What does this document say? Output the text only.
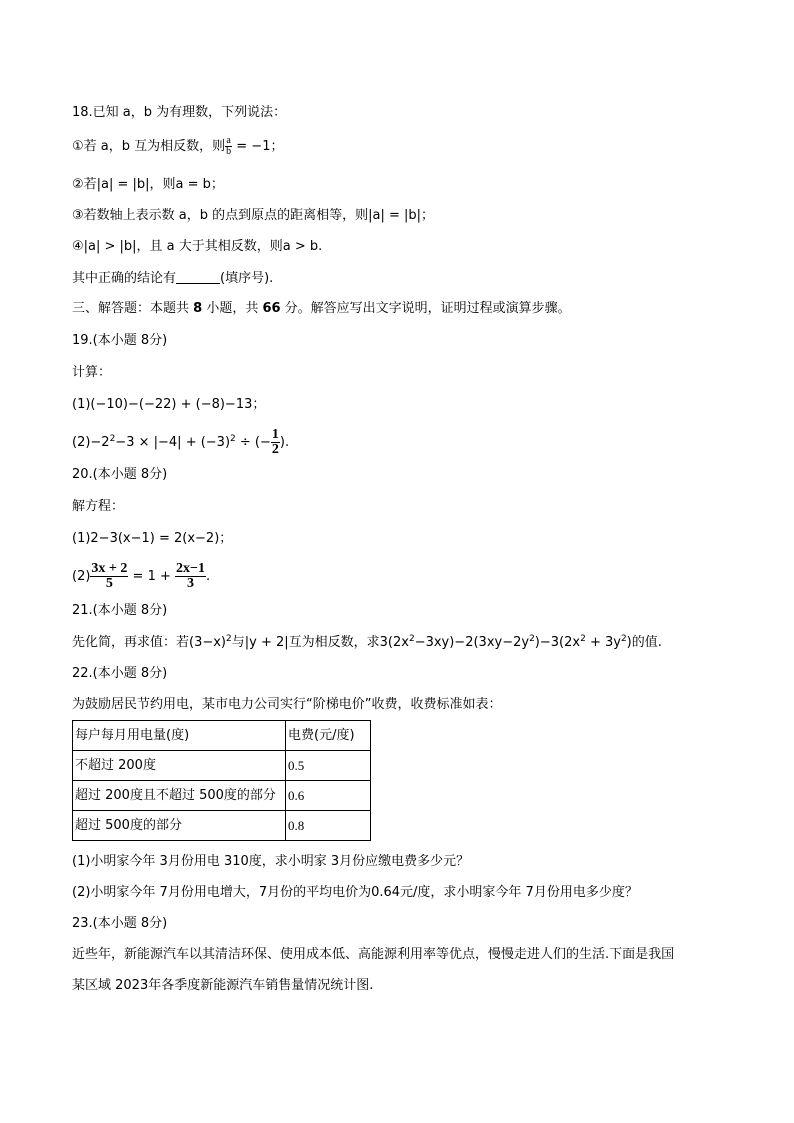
18.已知 a，b 为有理数，下列说法：
①若 a，b 互为相反数，则 $\frac{a}{b} = -1$；
②若|a| = |b|，则a = b；
③若数轴上表示数 a，b 的点到原点的距离相等，则|a| = |b|；
④|a| > |b|，且 a 大于其相反数，则a > b.
其中正确的结论有	(填序号).
三、解答题：本题共 8 小题，共 66 分。解答应写出文字说明，证明过程或演算步骤。
19.(本小题 8分)
计算：
(1)(−10)−(−22) + (−8)−13；
$(2)-2^2-3 \times |-4| + (-3)^2$ ÷ (− $\frac{1}{2}$ ).
20.(本小题 8分)
解方程：
(1)2−3(x−1) = 2(x−2)；
$(2) \frac{3x + 2}{5} = 1 + \frac{2x-1}{3}$ .
21.(本小题 8分)
先化简，再求值：若$(3-x)^2$与|y + 2|互为相反数，求$3(2x^2-3xy)-2(3xy-2y^2)-3(2x^2 + 3y^2)$的值.
22.(本小题 8分)
为鼓励居民节约用电，某市电力公司实行“阶梯电价”收费，收费标准如表：
每户每月用电量(度)	电费(元/度)
不超过 200度	0.5
超过 200度且不超过 500度的部分	0.6
超过 500度的部分	0.8
(1)小明家今年 3月份用电 310度，求小明家 3月份应缴电费多少元？
(2)小明家今年 7月份用电增大，7月份的平均电价为0.64元/度，求小明家今年 7月份用电多少度？
23.(本小题 8分)
近些年，新能源汽车以其清洁环保、使用成本低、高能源利用率等优点，慢慢走进人们的生活.下面是我国
某区域 2023年各季度新能源汽车销售量情况统计图.
